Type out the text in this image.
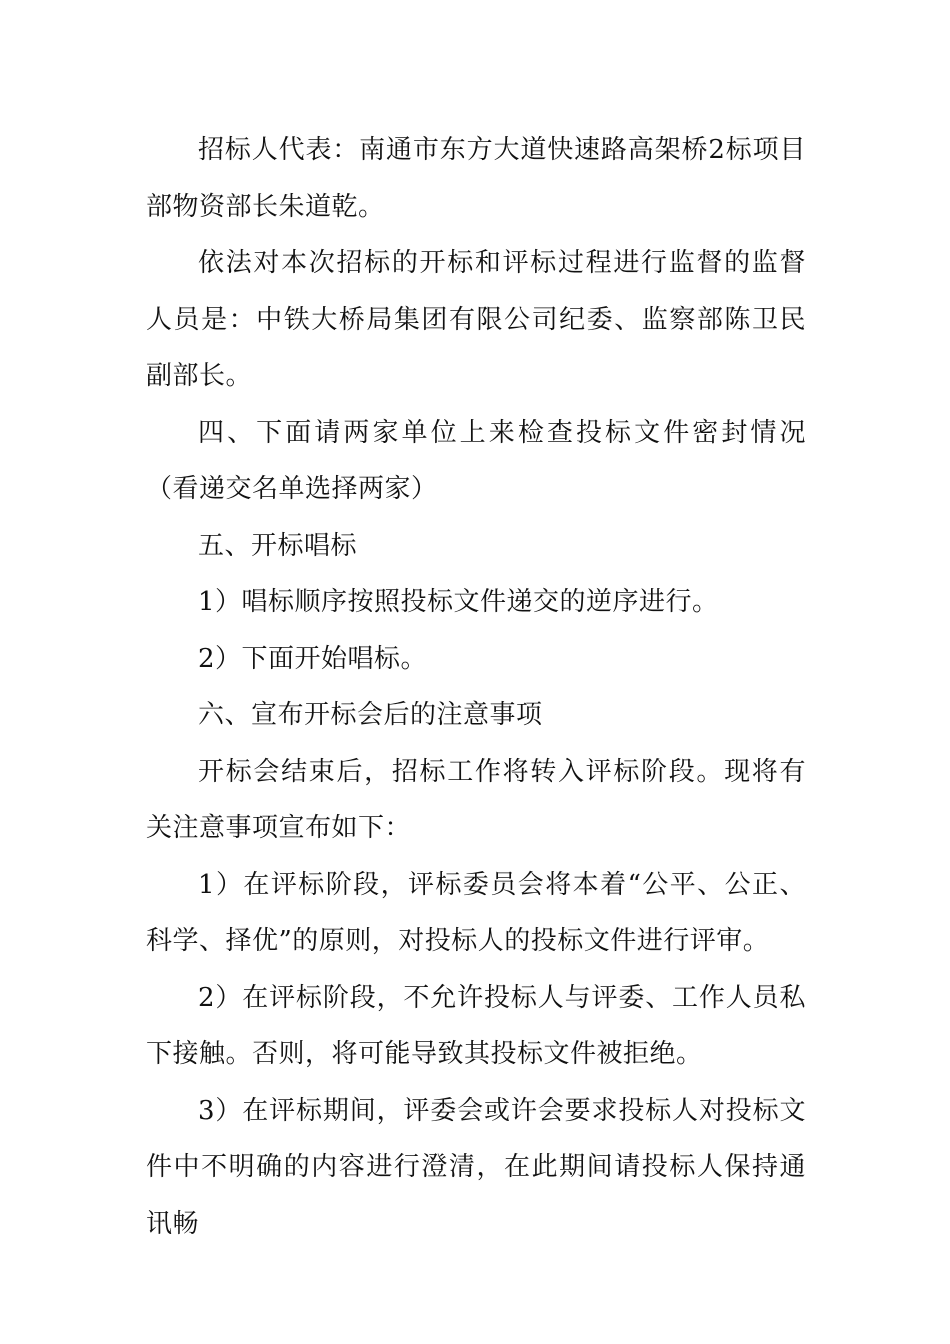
招标人代表：南通市东方大道快速路高架桥2标项目部物资部长朱道乾。

依法对本次招标的开标和评标过程进行监督的监督人员是：中铁大桥局集团有限公司纪委、监察部陈卫民副部长。

四、下面请两家单位上来检查投标文件密封情况（看递交名单选择两家）

五、开标唱标

1）唱标顺序按照投标文件递交的逆序进行。

2）下面开始唱标。

六、宣布开标会后的注意事项

开标会结束后，招标工作将转入评标阶段。现将有关注意事项宣布如下：

1）在评标阶段，评标委员会将本着“公平、公正、科学、择优”的原则，对投标人的投标文件进行评审。

2）在评标阶段，不允许投标人与评委、工作人员私下接触。否则，将可能导致其投标文件被拒绝。

3）在评标期间，评委会或许会要求投标人对投标文件中不明确的内容进行澄清，在此期间请投标人保持通讯畅
